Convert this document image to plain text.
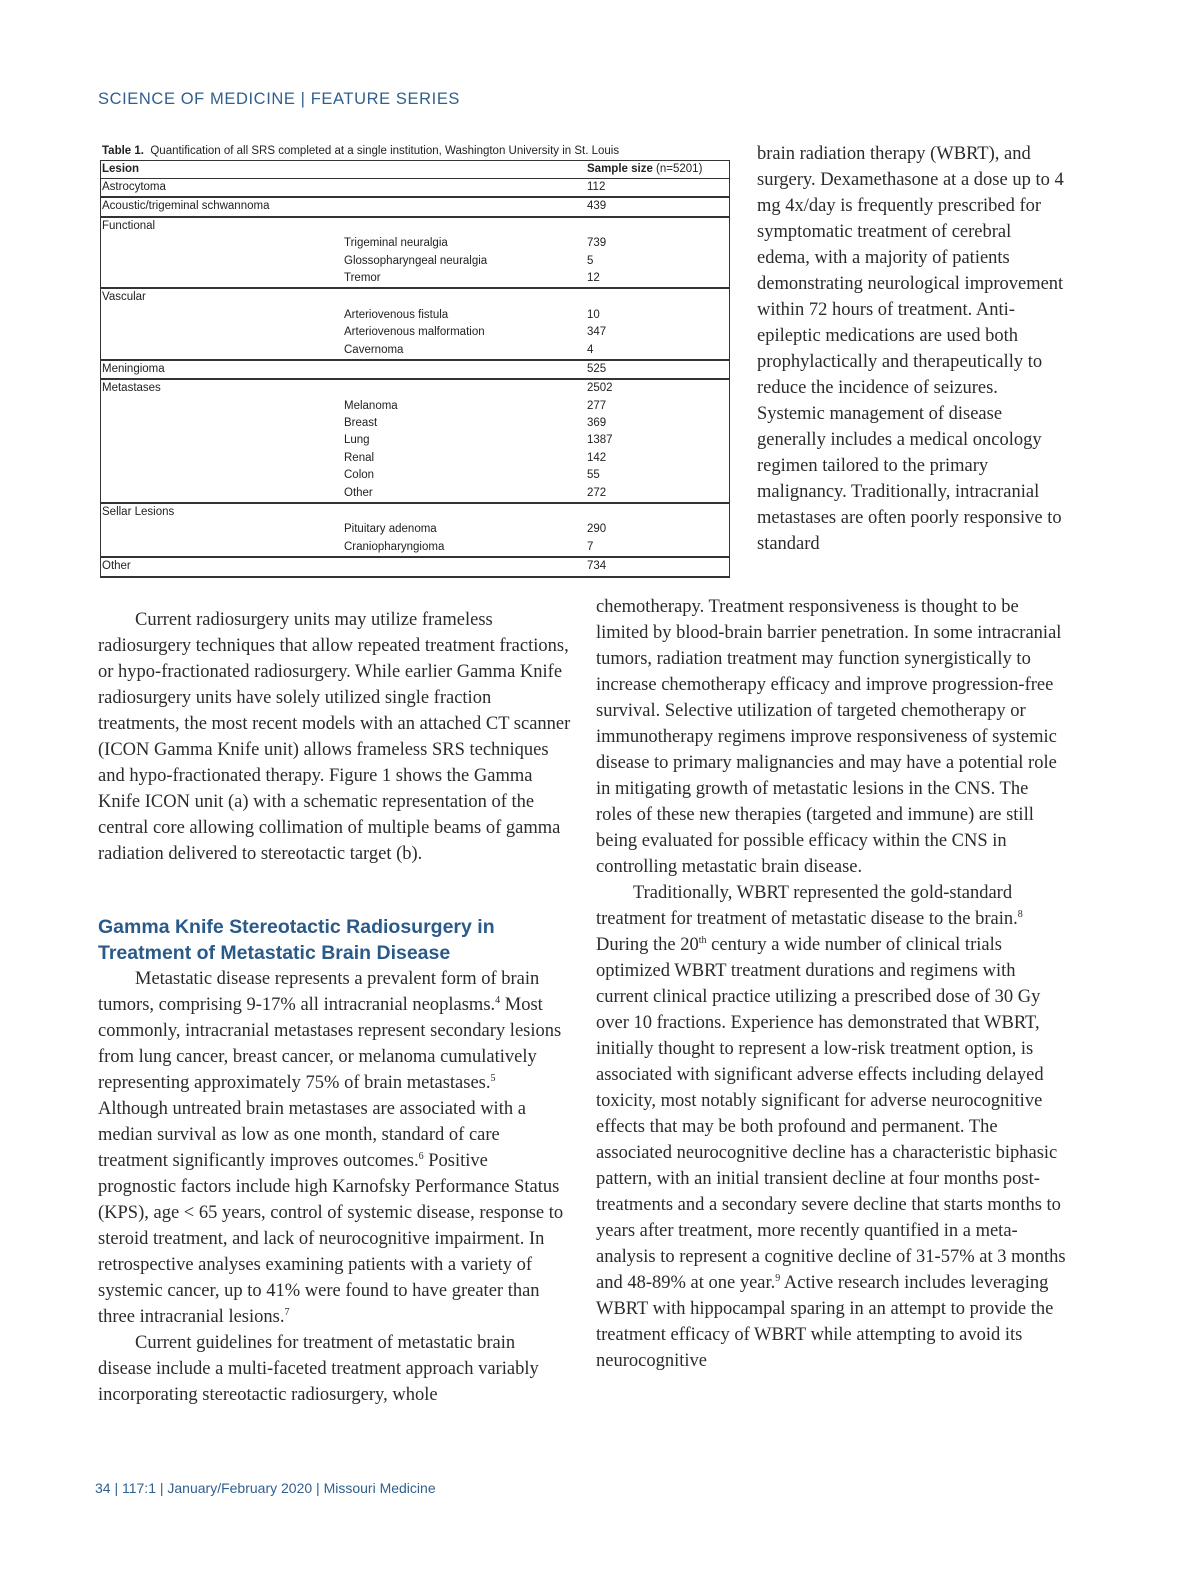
SCIENCE OF MEDICINE | FEATURE SERIES
Table 1. Quantification of all SRS completed at a single institution, Washington University in St. Louis
Lesion	Sample size (n=5201)
Astrocytoma	112
Acoustic/trigeminal schwannoma	439
Functional
Trigeminal neuralgia	739
Glossopharyngeal neuralgia	5
Tremor	12
Vascular
Arteriovenous fistula	10
Arteriovenous malformation	347
Cavernoma	4
Meningioma	525
Metastases	2502
Melanoma	277
Breast	369
Lung	1387
Renal	142
Colon	55
Other	272
Sellar Lesions
Pituitary adenoma	290
Craniopharyngioma	7
Other	734

brain radiation therapy (WBRT), and surgery. Dexamethasone at a dose up to 4 mg 4x/day is frequently prescribed for symptomatic treatment of cerebral edema, with a majority of patients demonstrating neurological improvement within 72 hours of treatment. Anti-epileptic medications are used both prophylactically and therapeutically to reduce the incidence of seizures. Systemic management of disease generally includes a medical oncology regimen tailored to the primary malignancy. Traditionally, intracranial metastases are often poorly responsive to standard

Current radiosurgery units may utilize frameless radiosurgery techniques that allow repeated treatment fractions, or hypo-fractionated radiosurgery. While earlier Gamma Knife radiosurgery units have solely utilized single fraction treatments, the most recent models with an attached CT scanner (ICON Gamma Knife unit) allows frameless SRS techniques and hypo-fractionated therapy. Figure 1 shows the Gamma Knife ICON unit (a) with a schematic representation of the central core allowing collimation of multiple beams of gamma radiation delivered to stereotactic target (b).

Gamma Knife Stereotactic Radiosurgery in Treatment of Metastatic Brain Disease

Metastatic disease represents a prevalent form of brain tumors, comprising 9-17% all intracranial neoplasms.$^4$ Most commonly, intracranial metastases represent secondary lesions from lung cancer, breast cancer, or melanoma cumulatively representing approximately 75% of brain metastases.$^5$ Although untreated brain metastases are associated with a median survival as low as one month, standard of care treatment significantly improves outcomes.$^6$ Positive prognostic factors include high Karnofsky Performance Status (KPS), age < 65 years, control of systemic disease, response to steroid treatment, and lack of neurocognitive impairment. In retrospective analyses examining patients with a variety of systemic cancer, up to 41% were found to have greater than three intracranial lesions.$^7$

Current guidelines for treatment of metastatic brain disease include a multi-faceted treatment approach variably incorporating stereotactic radiosurgery, whole

chemotherapy. Treatment responsiveness is thought to be limited by blood-brain barrier penetration. In some intracranial tumors, radiation treatment may function synergistically to increase chemotherapy efficacy and improve progression-free survival. Selective utilization of targeted chemotherapy or immunotherapy regimens improve responsiveness of systemic disease to primary malignancies and may have a potential role in mitigating growth of metastatic lesions in the CNS. The roles of these new therapies (targeted and immune) are still being evaluated for possible efficacy within the CNS in controlling metastatic brain disease.

Traditionally, WBRT represented the gold-standard treatment for treatment of metastatic disease to the brain.$^8$ During the 20th century a wide number of clinical trials optimized WBRT treatment durations and regimens with current clinical practice utilizing a prescribed dose of 30 Gy over 10 fractions. Experience has demonstrated that WBRT, initially thought to represent a low-risk treatment option, is associated with significant adverse effects including delayed toxicity, most notably significant for adverse neurocognitive effects that may be both profound and permanent. The associated neurocognitive decline has a characteristic biphasic pattern, with an initial transient decline at four months post-treatments and a secondary severe decline that starts months to years after treatment, more recently quantified in a meta-analysis to represent a cognitive decline of 31-57% at 3 months and 48-89% at one year.$^9$ Active research includes leveraging WBRT with hippocampal sparing in an attempt to provide the treatment efficacy of WBRT while attempting to avoid its neurocognitive

34 | 117:1 | January/February 2020 | Missouri Medicine
